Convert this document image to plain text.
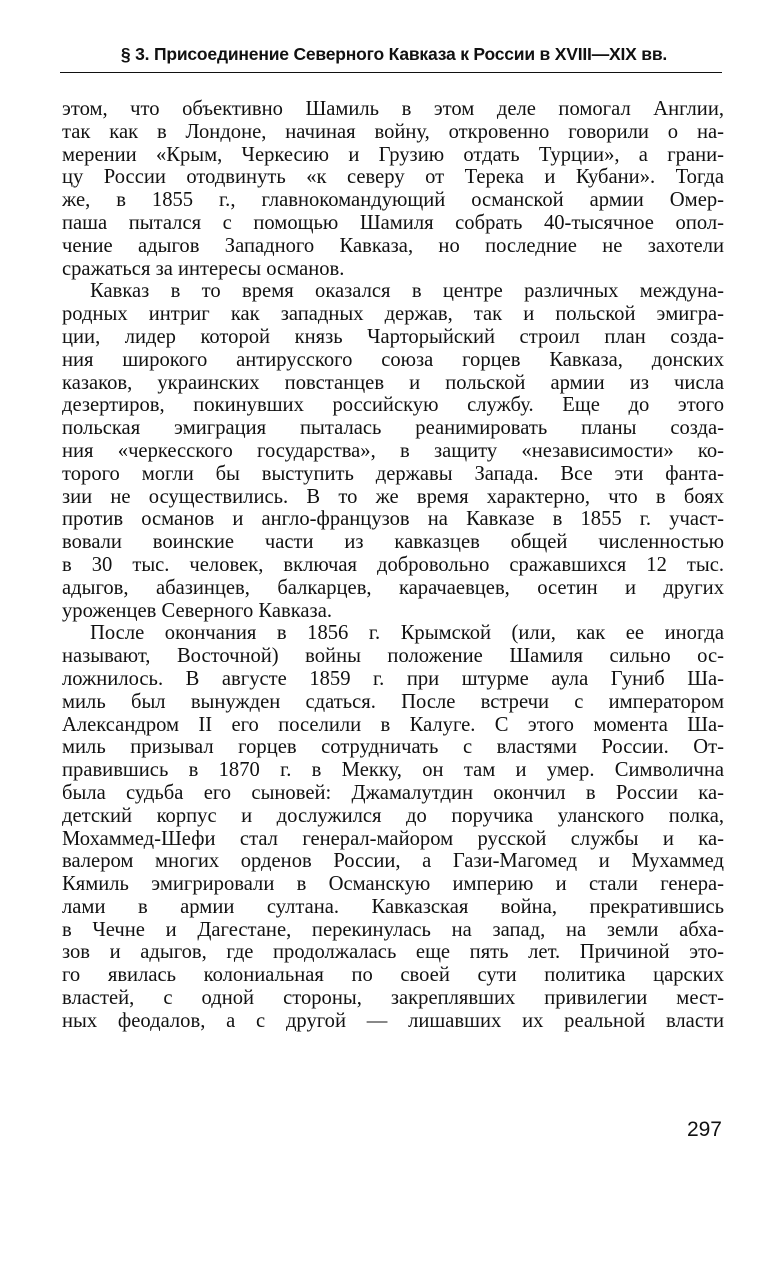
§ 3. Присоединение Северного Кавказа к России в XVIII—XIX вв.
этом, что объективно Шамиль в этом деле помогал Англии,
так как в Лондоне, начиная войну, откровенно говорили о на-
мерении «Крым, Черкесию и Грузию отдать Турции», а грани-
цу России отодвинуть «к северу от Терека и Кубани». Тогда
же, в 1855 г., главнокомандующий османской армии Омер-
паша пытался с помощью Шамиля собрать 40-тысячное опол-
чение адыгов Западного Кавказа, но последние не захотели
сражаться за интересы османов.
Кавказ в то время оказался в центре различных междуна-
родных интриг как западных держав, так и польской эмигра-
ции, лидер которой князь Чарторыйский строил план созда-
ния широкого антирусского союза горцев Кавказа, донских
казаков, украинских повстанцев и польской армии из числа
дезертиров, покинувших российскую службу. Еще до этого
польская эмиграция пыталась реанимировать планы созда-
ния «черкесского государства», в защиту «независимости» ко-
торого могли бы выступить державы Запада. Все эти фанта-
зии не осуществились. В то же время характерно, что в боях
против османов и англо-французов на Кавказе в 1855 г. участ-
вовали воинские части из кавказцев общей численностью
в 30 тыс. человек, включая добровольно сражавшихся 12 тыс.
адыгов, абазинцев, балкарцев, карачаевцев, осетин и других
уроженцев Северного Кавказа.
После окончания в 1856 г. Крымской (или, как ее иногда
называют, Восточной) войны положение Шамиля сильно ос-
ложнилось. В августе 1859 г. при штурме аула Гуниб Ша-
миль был вынужден сдаться. После встречи с императором
Александром II его поселили в Калуге. С этого момента Ша-
миль призывал горцев сотрудничать с властями России. От-
правившись в 1870 г. в Мекку, он там и умер. Символична
была судьба его сыновей: Джамалутдин окончил в России ка-
детский корпус и дослужился до поручика уланского полка,
Мохаммед-Шефи стал генерал-майором русской службы и ка-
валером многих орденов России, а Гази-Магомед и Мухаммед
Кямиль эмигрировали в Османскую империю и стали генера-
лами в армии султана. Кавказская война, прекратившись
в Чечне и Дагестане, перекинулась на запад, на земли абха-
зов и адыгов, где продолжалась еще пять лет. Причиной это-
го явилась колониальная по своей сути политика царских
властей, с одной стороны, закреплявших привилегии мест-
ных феодалов, а с другой — лишавших их реальной власти
297
